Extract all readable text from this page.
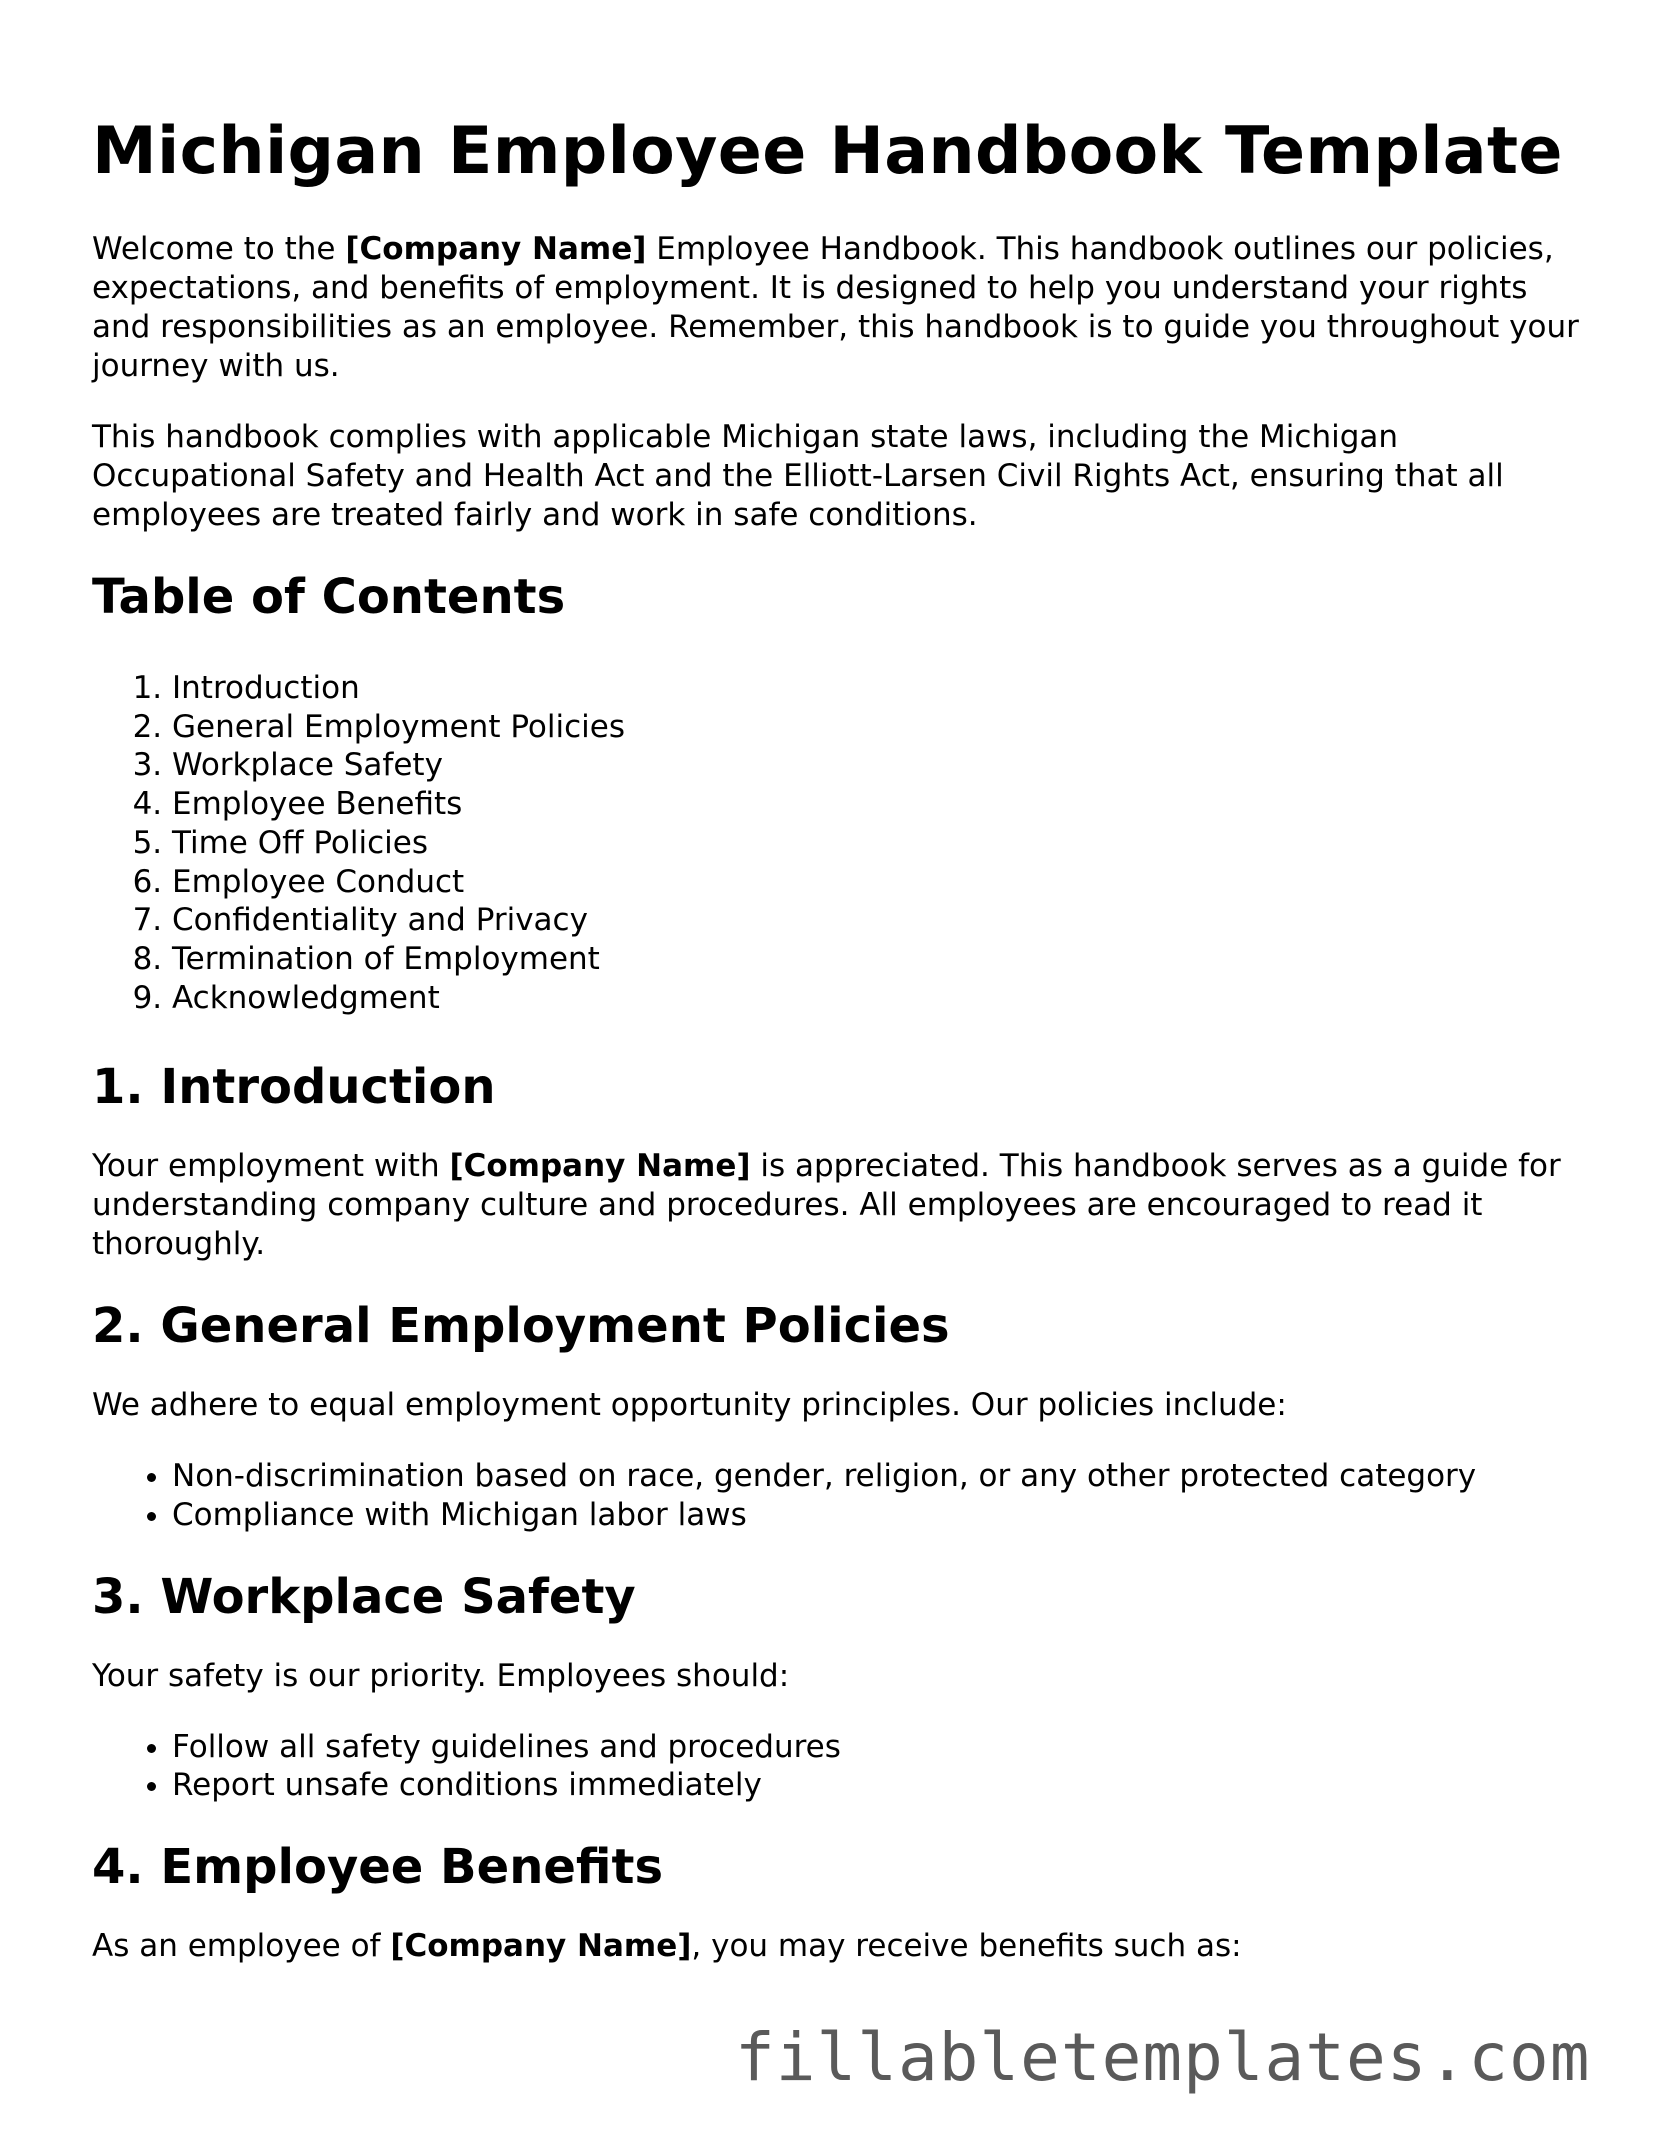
Michigan Employee Handbook Template

Welcome to the [Company Name] Employee Handbook. This handbook outlines our policies, expectations, and benefits of employment. It is designed to help you understand your rights and responsibilities as an employee. Remember, this handbook is to guide you throughout your journey with us.

This handbook complies with applicable Michigan state laws, including the Michigan Occupational Safety and Health Act and the Elliott-Larsen Civil Rights Act, ensuring that all employees are treated fairly and work in safe conditions.

Table of Contents
1. Introduction
2. General Employment Policies
3. Workplace Safety
4. Employee Benefits
5. Time Off Policies
6. Employee Conduct
7. Confidentiality and Privacy
8. Termination of Employment
9. Acknowledgment
1. Introduction

Your employment with [Company Name] is appreciated. This handbook serves as a guide for understanding company culture and procedures. All employees are encouraged to read it thoroughly.

2. General Employment Policies

We adhere to equal employment opportunity principles. Our policies include:

• Non-discrimination based on race, gender, religion, or any other protected category
• Compliance with Michigan labor laws
3. Workplace Safety

Your safety is our priority. Employees should:

• Follow all safety guidelines and procedures
• Report unsafe conditions immediately
4. Employee Benefits

As an employee of [Company Name], you may receive benefits such as:

fillabletemplates.com
